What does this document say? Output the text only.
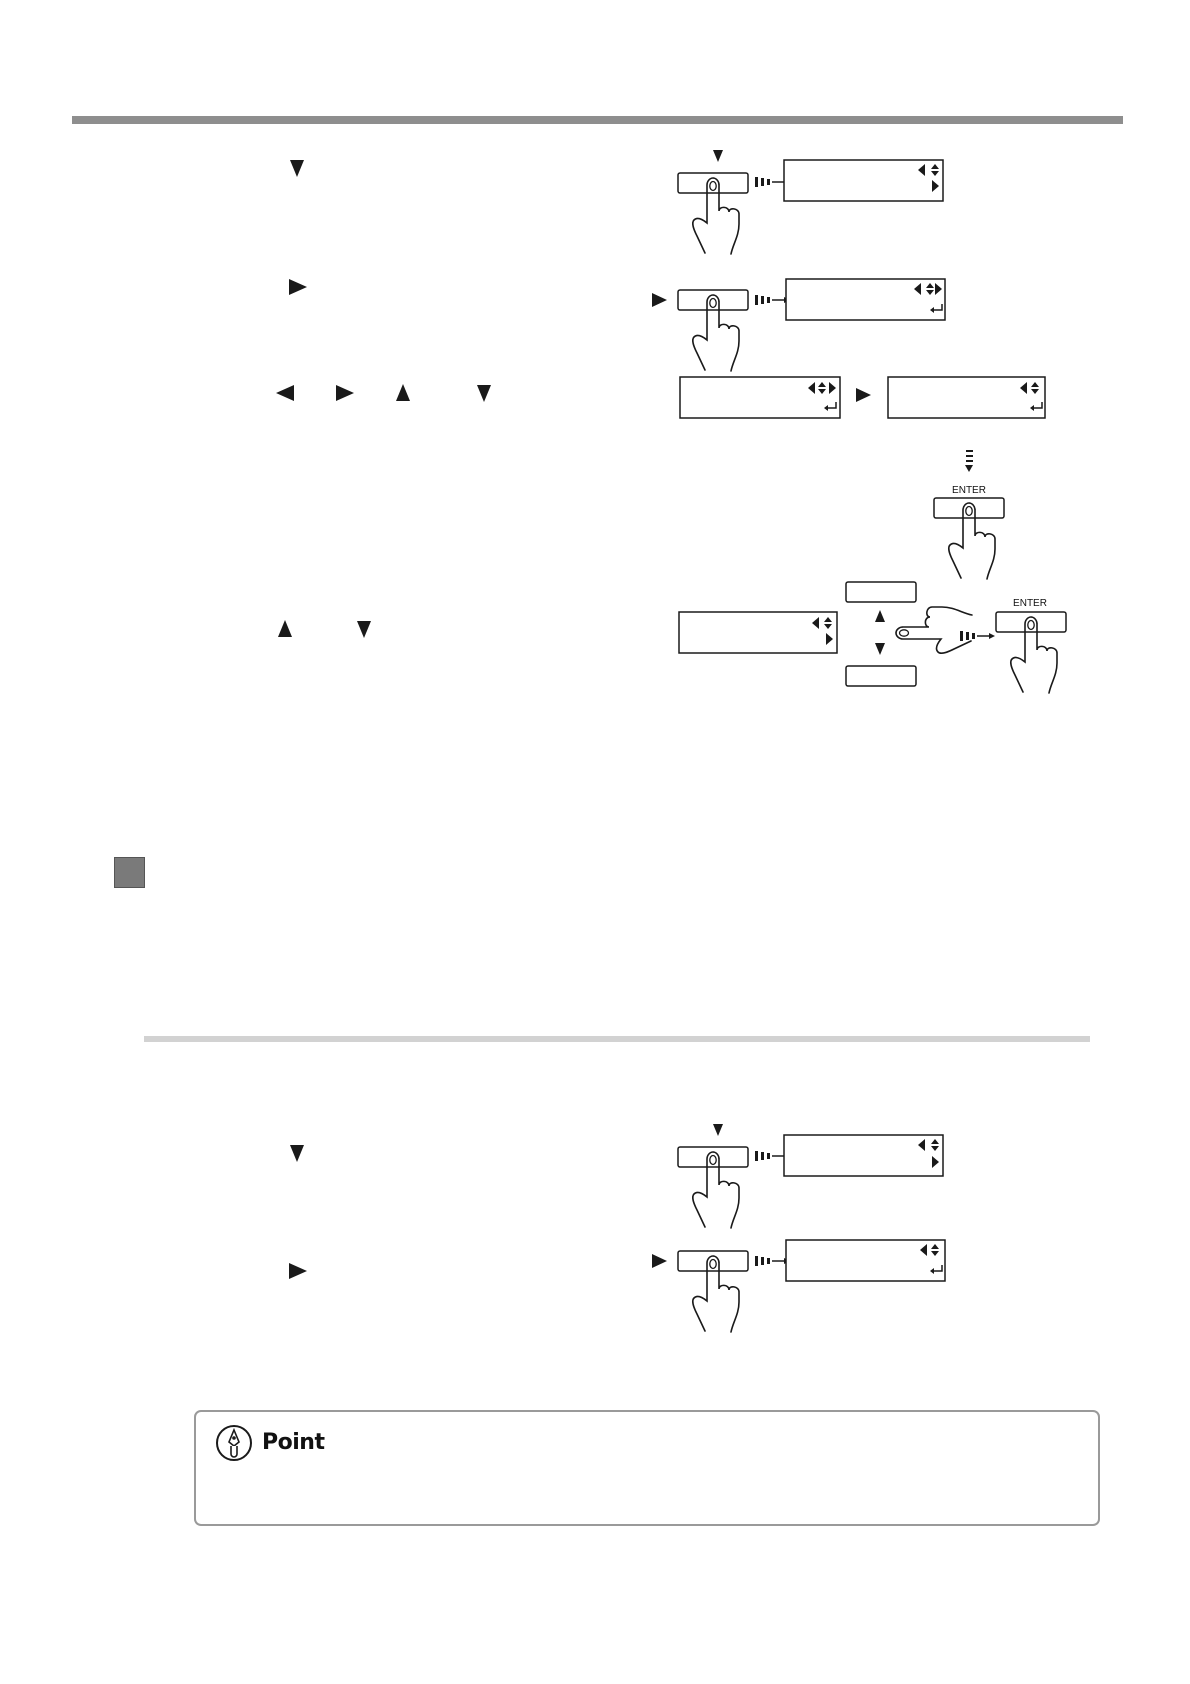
ENTER
ENTER
Point
